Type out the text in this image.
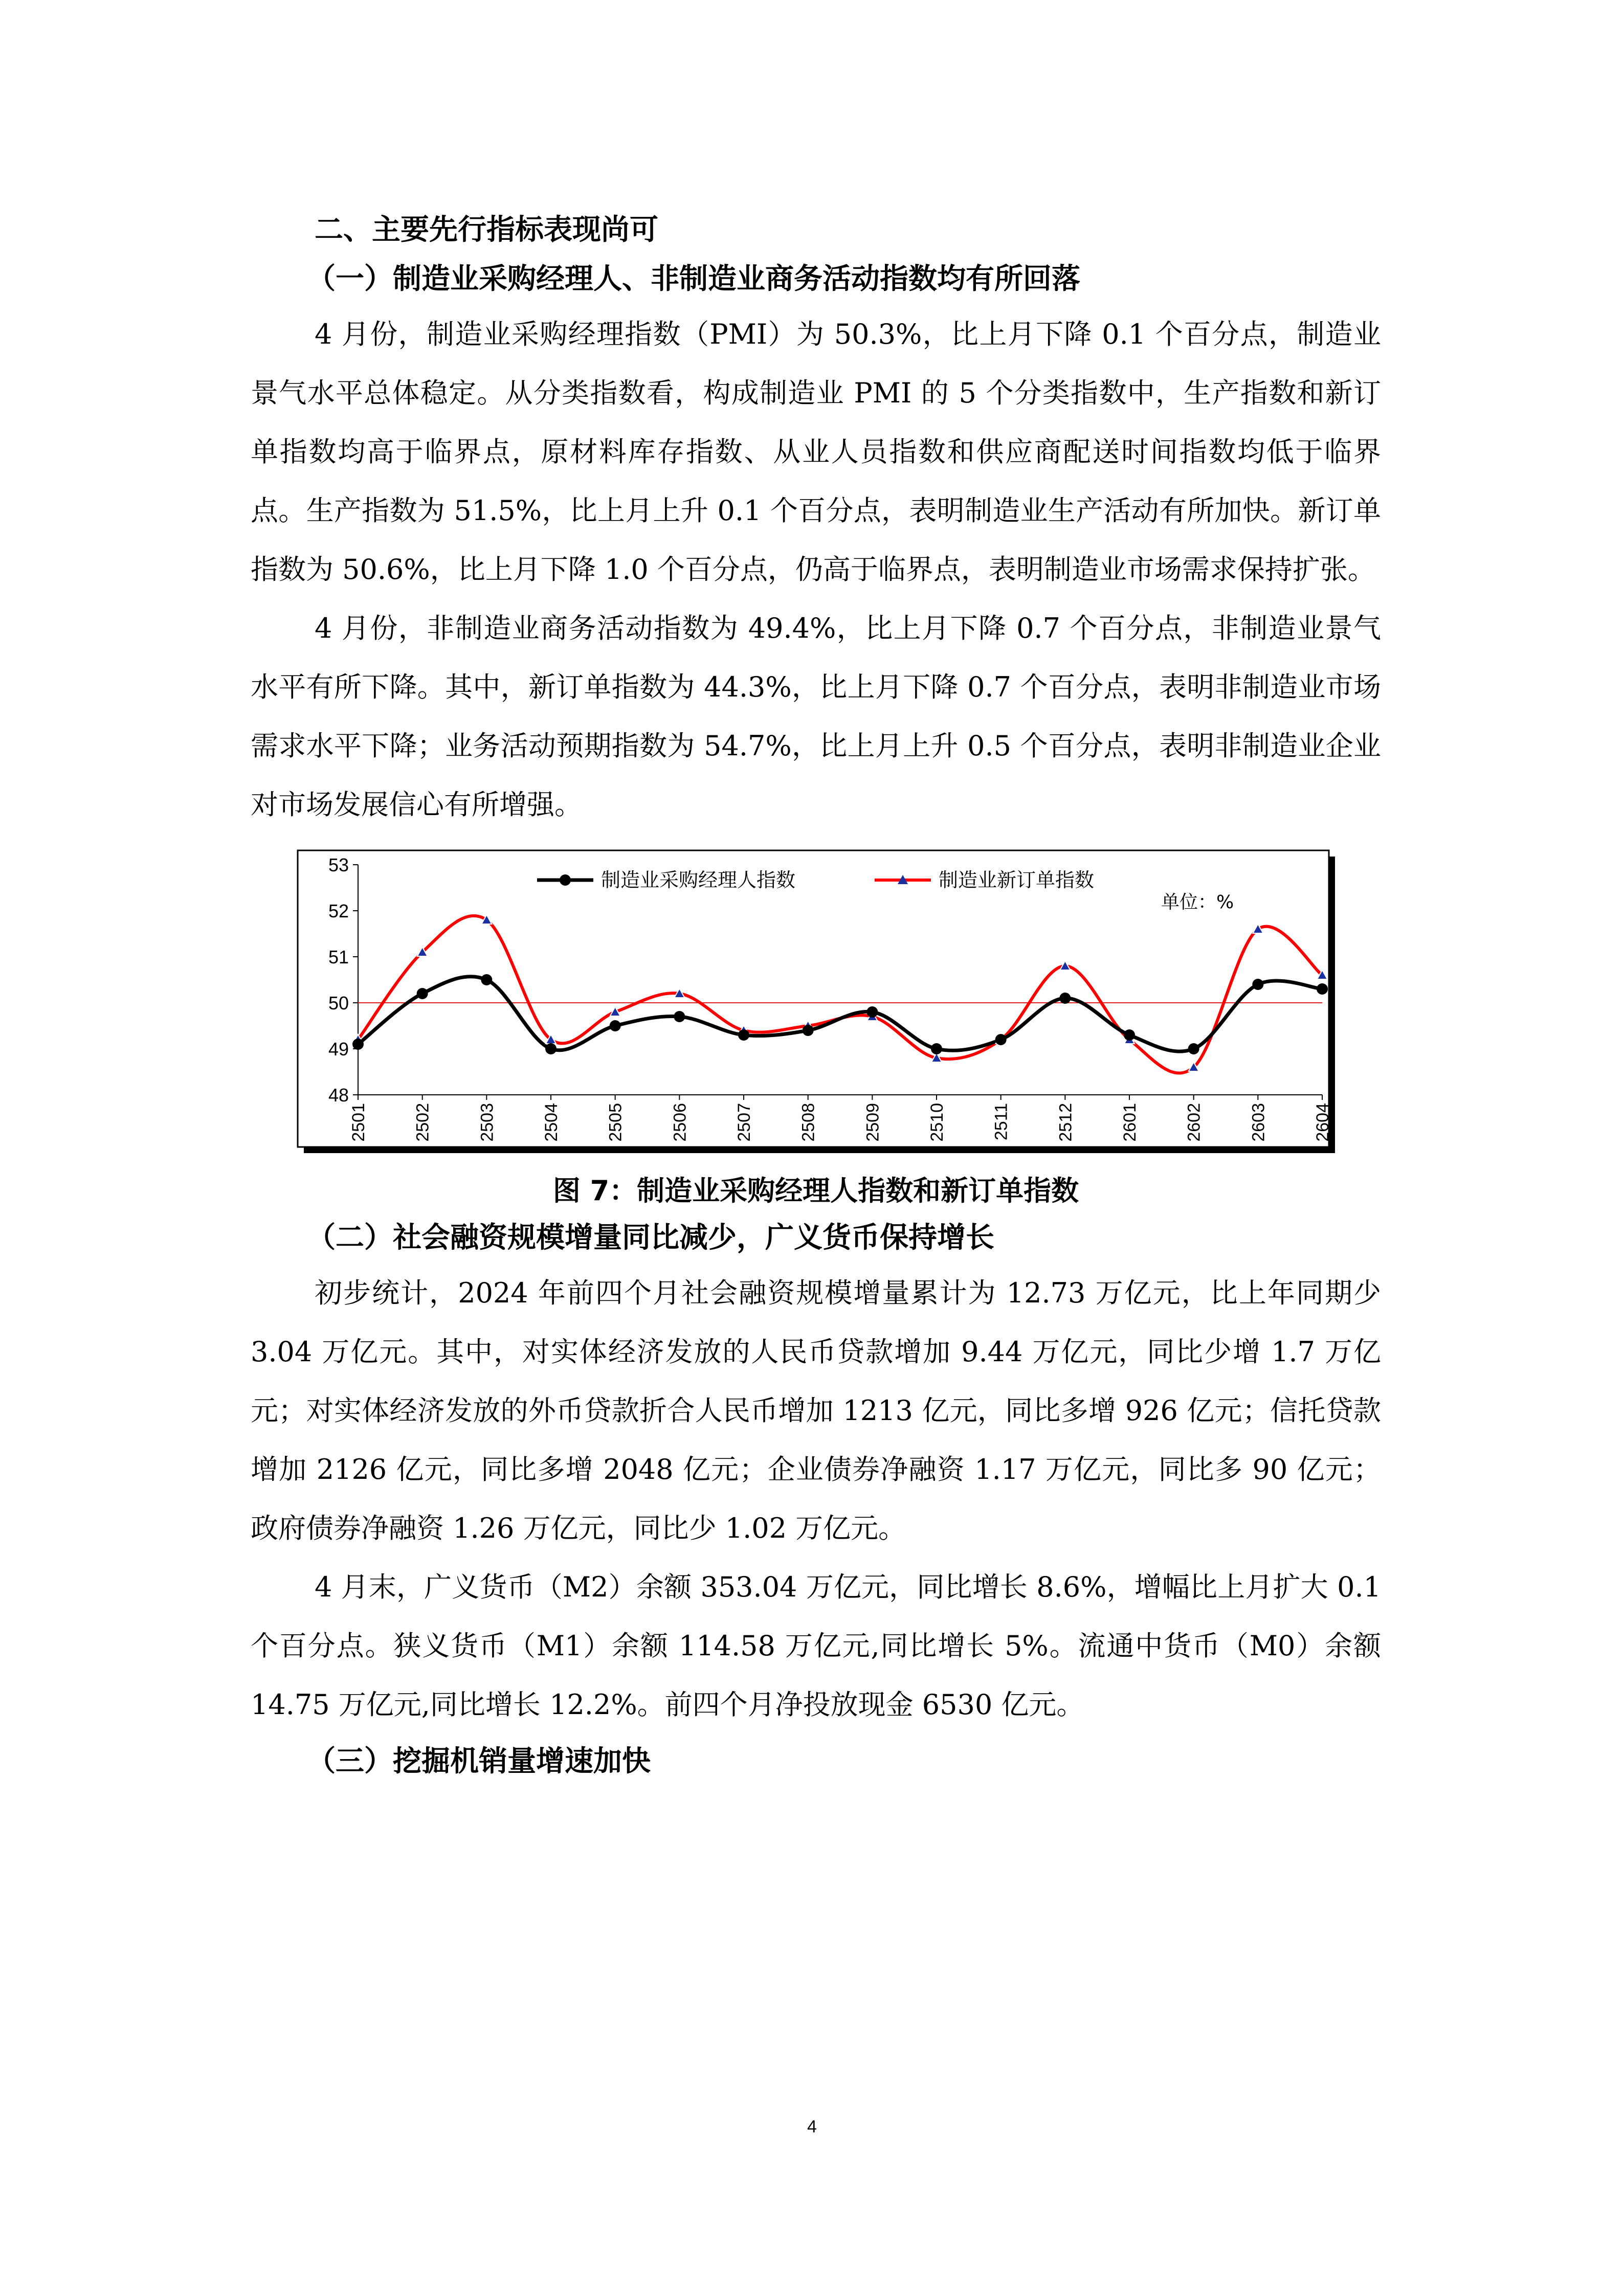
二、主要先行指标表现尚可

（一）制造业采购经理人、非制造业商务活动指数均有所回落

4 月份，制造业采购经理指数（PMI）为 50.3%，比上月下降 0.1 个百分点，制造业景气水平总体稳定。从分类指数看，构成制造业 PMI 的 5 个分类指数中，生产指数和新订单指数均高于临界点，原材料库存指数、从业人员指数和供应商配送时间指数均低于临界点。生产指数为 51.5%，比上月上升 0.1 个百分点，表明制造业生产活动有所加快。新订单指数为 50.6%，比上月下降 1.0 个百分点，仍高于临界点，表明制造业市场需求保持扩张。

4 月份，非制造业商务活动指数为 49.4%，比上月下降 0.7 个百分点，非制造业景气水平有所下降。其中，新订单指数为 44.3%，比上月下降 0.7 个百分点，表明非制造业市场需求水平下降；业务活动预期指数为 54.7%，比上月上升 0.5 个百分点，表明非制造业企业对市场发展信心有所增强。

48
49
50
51
52
53
2501	2502	2503	2504	2505	2506	2507	2508	2509	2510	2511	2512	2601	2602	2603	2604
制造业采购经理人指数	制造业新订单指数
单位：%

图 7：制造业采购经理人指数和新订单指数

（二）社会融资规模增量同比减少，广义货币保持增长

初步统计，2024 年前四个月社会融资规模增量累计为 12.73 万亿元，比上年同期少 3.04 万亿元。其中，对实体经济发放的人民币贷款增加 9.44 万亿元，同比少增 1.7 万亿元；对实体经济发放的外币贷款折合人民币增加 1213 亿元，同比多增 926 亿元；信托贷款增加 2126 亿元，同比多增 2048 亿元；企业债券净融资 1.17 万亿元，同比多 90 亿元；政府债券净融资 1.26 万亿元，同比少 1.02 万亿元。

4 月末，广义货币（M2）余额 353.04 万亿元，同比增长 8.6%，增幅比上月扩大 0.1 个百分点。狭义货币（M1）余额 114.58 万亿元,同比增长 5%。流通中货币（M0）余额 14.75 万亿元,同比增长 12.2%。前四个月净投放现金 6530 亿元。

（三）挖掘机销量增速加快

4
